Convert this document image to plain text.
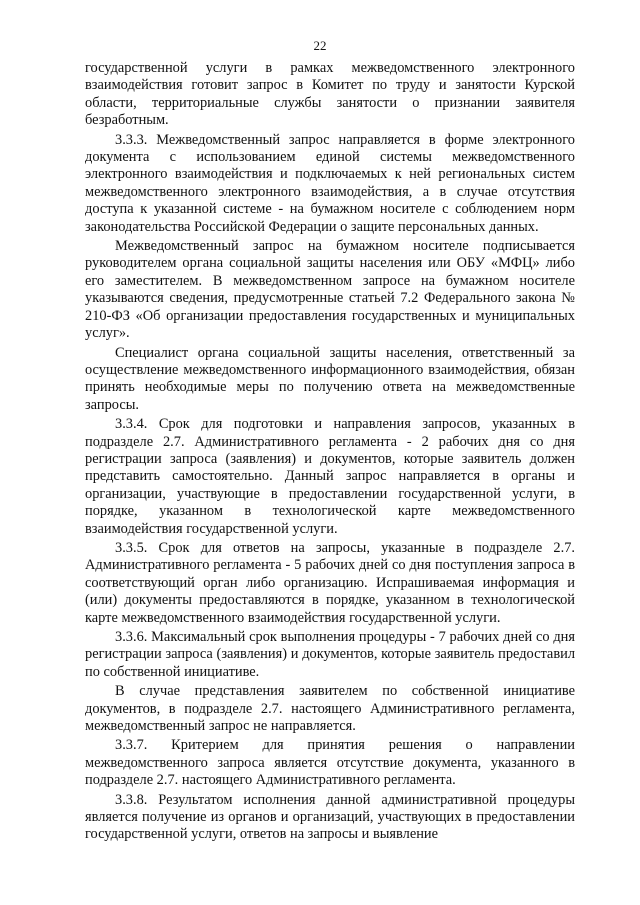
22

государственной услуги в рамках межведомственного электронного взаимодействия готовит запрос в Комитет по труду и занятости Курской области, территориальные службы занятости о признании заявителя безработным.

3.3.3. Межведомственный запрос направляется в форме электронного документа с использованием единой системы межведомственного электронного взаимодействия и подключаемых к ней региональных систем межведомственного электронного взаимодействия, а в случае отсутствия доступа к указанной системе - на бумажном носителе с соблюдением норм законодательства Российской Федерации о защите персональных данных.

Межведомственный запрос на бумажном носителе подписывается руководителем органа социальной защиты населения или ОБУ «МФЦ» либо его заместителем. В межведомственном запросе на бумажном носителе указываются сведения, предусмотренные статьей 7.2 Федерального закона № 210-ФЗ «Об организации предоставления государственных и муниципальных услуг».

Специалист органа социальной защиты населения, ответственный за осуществление межведомственного информационного взаимодействия, обязан принять необходимые меры по получению ответа на межведомственные запросы.

3.3.4. Срок для подготовки и направления запросов, указанных в подразделе 2.7. Административного регламента - 2 рабочих дня со дня регистрации запроса (заявления) и документов, которые заявитель должен представить самостоятельно. Данный запрос направляется в органы и организации, участвующие в предоставлении государственной услуги, в порядке, указанном в технологической карте межведомственного взаимодействия государственной услуги.

3.3.5. Срок для ответов на запросы, указанные в подразделе 2.7. Административного регламента - 5 рабочих дней со дня поступления запроса в соответствующий орган либо организацию. Испрашиваемая информация и (или) документы предоставляются в порядке, указанном в технологической карте межведомственного взаимодействия государственной услуги.

3.3.6. Максимальный срок выполнения процедуры - 7 рабочих дней со дня регистрации запроса (заявления) и документов, которые заявитель предоставил по собственной инициативе.

В случае представления заявителем по собственной инициативе документов, в подразделе 2.7. настоящего Административного регламента, межведомственный запрос не направляется.

3.3.7. Критерием для принятия решения о направлении межведомственного запроса является отсутствие документа, указанного в подразделе 2.7. настоящего Административного регламента.

3.3.8. Результатом исполнения данной административной процедуры является получение из органов и организаций, участвующих в предоставлении государственной услуги, ответов на запросы и выявление
